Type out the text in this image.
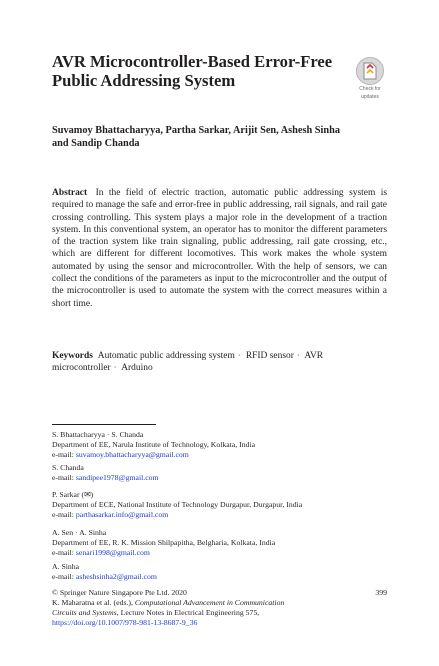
AVR Microcontroller-Based Error-Free Public Addressing System	Check for
updates
Suvamoy Bhattacharyya, Partha Sarkar, Arijit Sen, Ashesh Sinha
and Sandip Chanda

Abstract In the field of electric traction, automatic public addressing system is required to manage the safe and error-free in public addressing, rail signals, and rail gate crossing controlling. This system plays a major role in the development of a traction system. In this conventional system, an operator has to monitor the different parameters of the traction system like train signaling, public addressing, rail gate crossing, etc., which are different for different locomotives. This work makes the whole system automated by using the sensor and microcontroller. With the help of sensors, we can collect the conditions of the parameters as input to the microcontroller and the output of the microcontroller is used to automate the system with the correct measures within a short time.

Keywords Automatic public addressing system · RFID sensor · AVR microcontroller · Arduino

S. Bhattacharyya · S. Chanda
Department of EE, Narula Institute of Technology, Kolkata, India
e-mail: suvamoy.bhattacharyya@gmail.com
S. Chanda
e-mail: sandipee1978@gmail.com
P. Sarkar (✉)
Department of ECE, National Institute of Technology Durgapur, Durgapur, India
e-mail: parthasarkar.info@gmail.com
A. Sen · A. Sinha
Department of EE, R. K. Mission Shilpapitha, Belgharia, Kolkata, India
e-mail: senari1998@gmail.com
A. Sinha
e-mail: asheshsinha2@gmail.com
© Springer Nature Singapore Pte Ltd. 2020	399
K. Maharatna et al. (eds.), Computational Advancement in Communication
Circuits and Systems, Lecture Notes in Electrical Engineering 575,
https://doi.org/10.1007/978-981-13-8687-9_36
